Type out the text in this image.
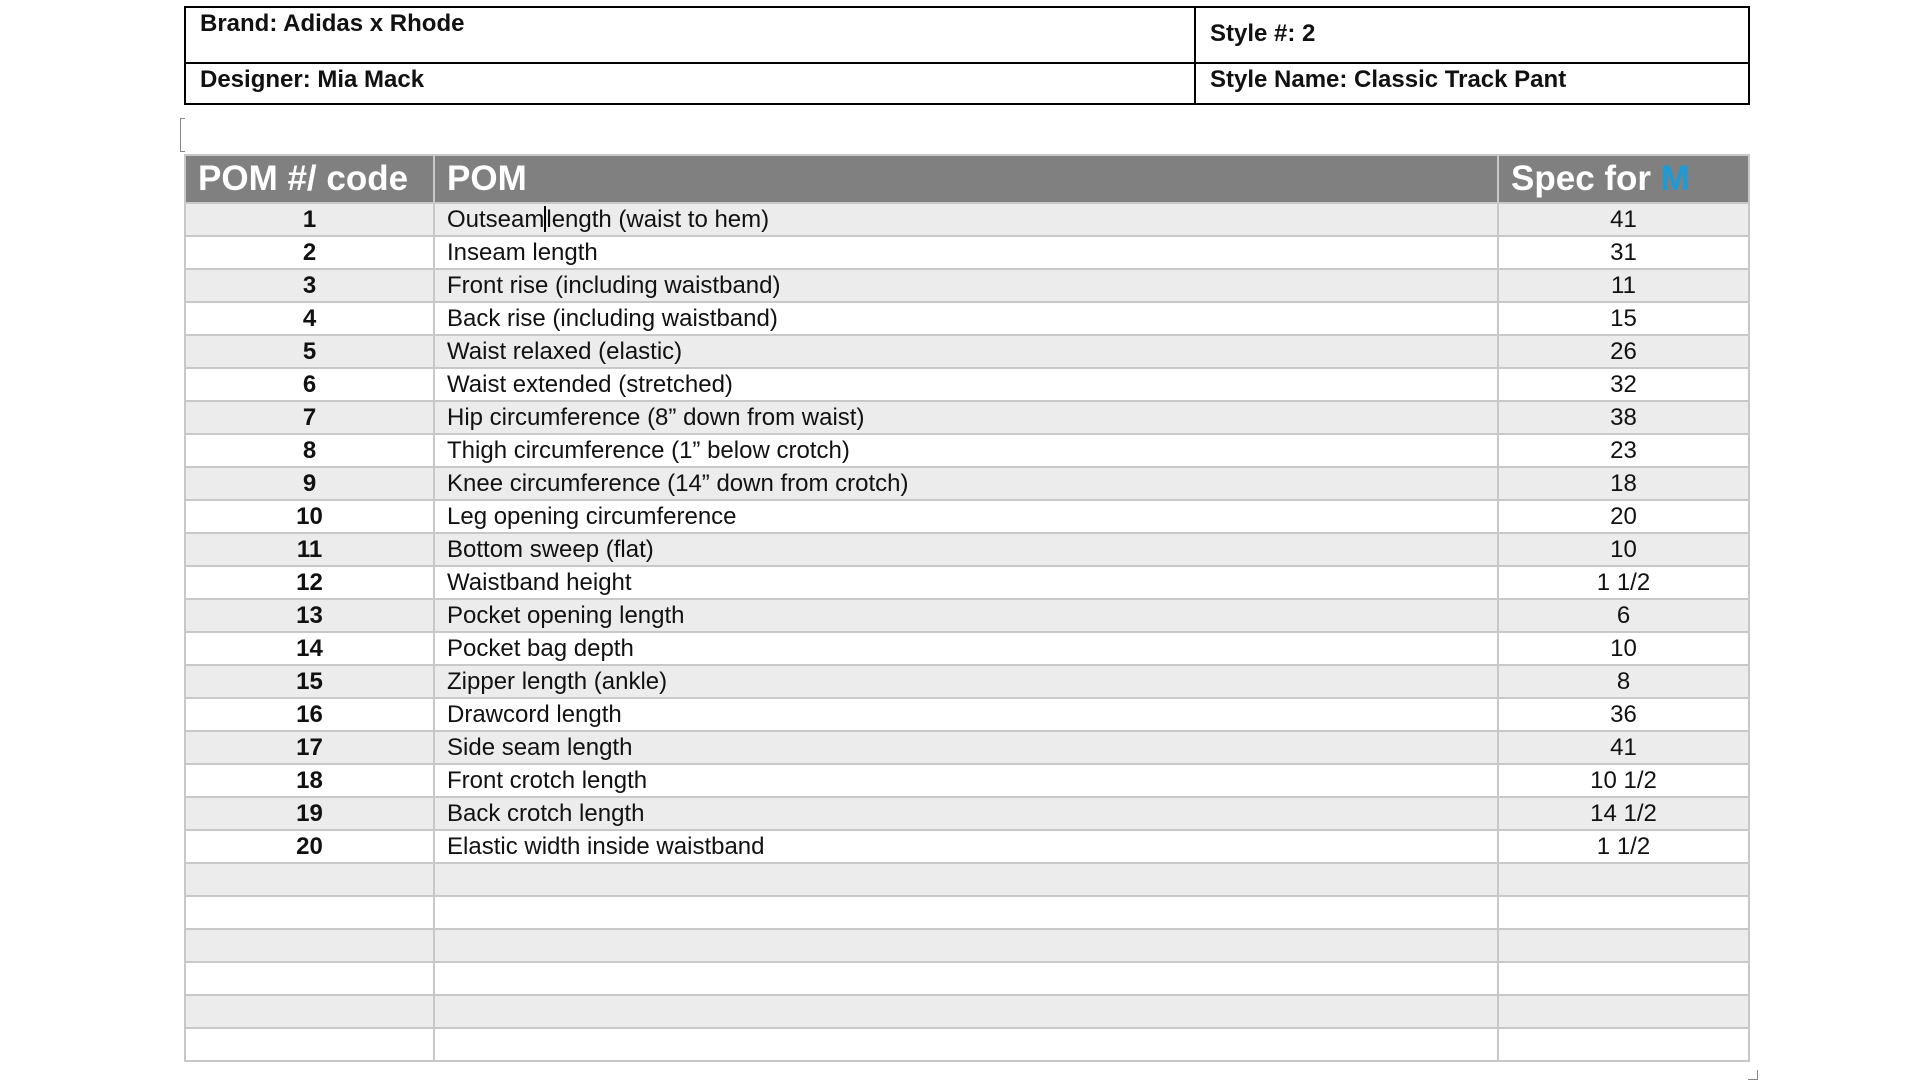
Brand: Adidas x Rhode	Style #: 2
Designer: Mia Mack	Style Name: Classic Track Pant
POM #/ code	POM	Spec for M
1	Outseamlength (waist to hem)	41
2	Inseam length	31
3	Front rise (including waistband)	11
4	Back rise (including waistband)	15
5	Waist relaxed (elastic)	26
6	Waist extended (stretched)	32
7	Hip circumference (8” down from waist)	38
8	Thigh circumference (1” below crotch)	23
9	Knee circumference (14” down from crotch)	18
10	Leg opening circumference	20
11	Bottom sweep (flat)	10
12	Waistband height	1 1/2
13	Pocket opening length	6
14	Pocket bag depth	10
15	Zipper length (ankle)	8
16	Drawcord length	36
17	Side seam length	41
18	Front crotch length	10 1/2
19	Back crotch length	14 1/2
20	Elastic width inside waistband	1 1/2
